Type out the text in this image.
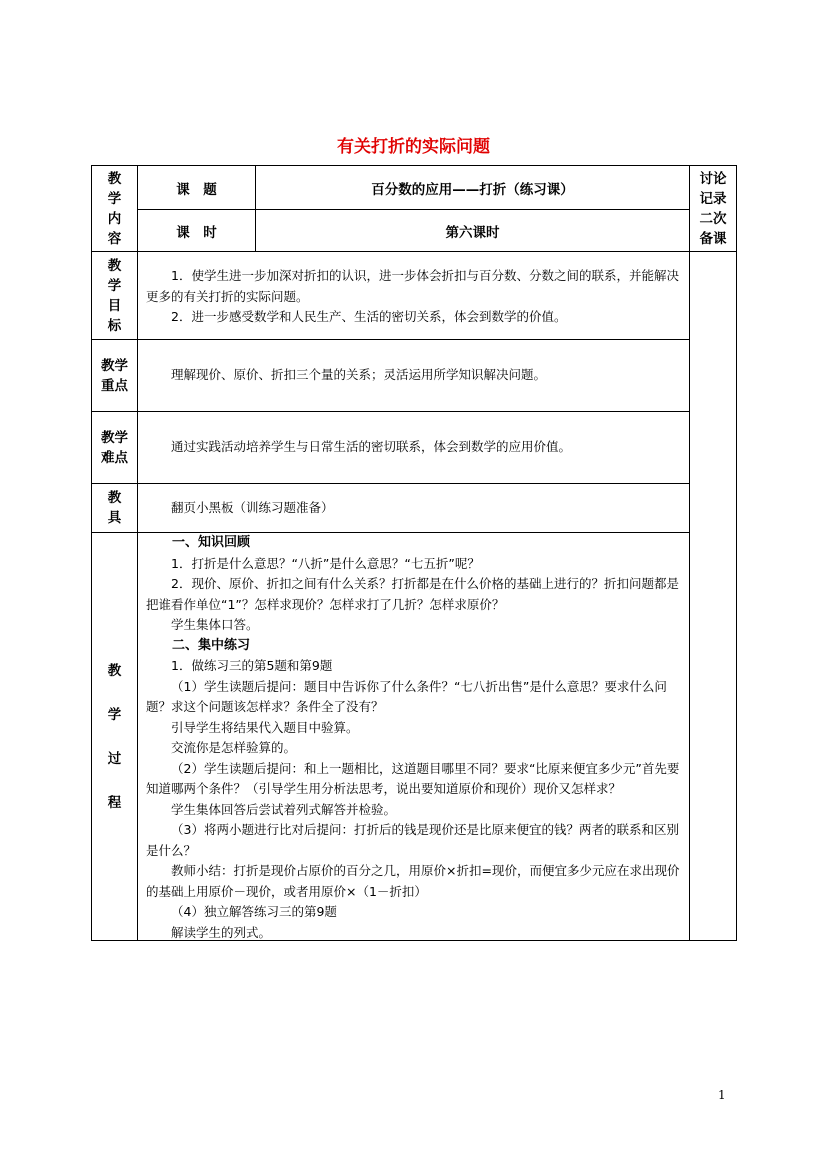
有关打折的实际问题
教
学
内
容
课　题	百分数的应用——打折（练习课）
课　时	第六课时
讨论
记录
二次
备课
教
学
目
标

1．使学生进一步加深对折扣的认识，进一步体会折扣与百分数、分数之间的联系，并能解决更多的有关打折的实际问题。

2．进一步感受数学和人民生产、生活的密切关系，体会到数学的价值。

教学
重点

理解现价、原价、折扣三个量的关系；灵活运用所学知识解决问题。

教学
难点

通过实践活动培养学生与日常生活的密切联系，体会到数学的应用价值。

教
具

翻页小黑板（训练习题准备）

教
学
过
程

一、知识回顾

1．打折是什么意思？“八折”是什么意思？“七五折”呢？

2．现价、原价、折扣之间有什么关系？打折都是在什么价格的基础上进行的？折扣问题都是把谁看作单位“1”？怎样求现价？怎样求打了几折？怎样求原价？

学生集体口答。

二、集中练习

1．做练习三的第5题和第9题

（1）学生读题后提问：题目中告诉你了什么条件？“七八折出售”是什么意思？要求什么问题？求这个问题该怎样求？条件全了没有？

引导学生将结果代入题目中验算。

交流你是怎样验算的。

（2）学生读题后提问：和上一题相比，这道题目哪里不同？要求“比原来便宜多少元”首先要知道哪两个条件？（引导学生用分析法思考，说出要知道原价和现价）现价又怎样求？

学生集体回答后尝试着列式解答并检验。

（3）将两小题进行比对后提问：打折后的钱是现价还是比原来便宜的钱？两者的联系和区别是什么？

教师小结：打折是现价占原价的百分之几，用原价×折扣=现价，而便宜多少元应在求出现价的基础上用原价－现价，或者用原价×（1－折扣）

（4）独立解答练习三的第9题

解读学生的列式。

1
